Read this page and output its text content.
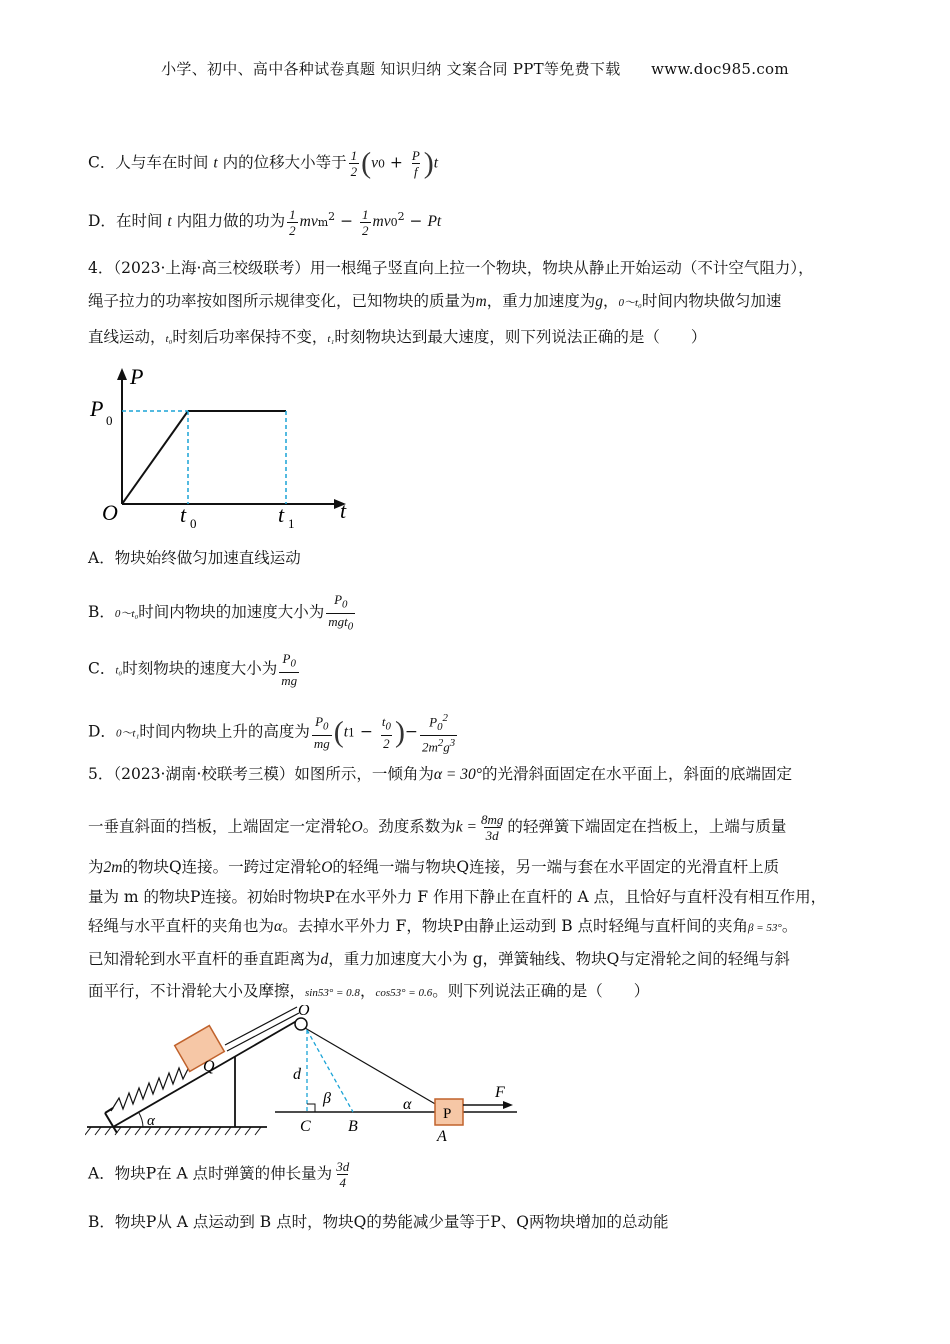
小学、初中、高中各种试卷真题 知识归纳 文案合同 PPT等免费下载　　www.doc985.com
C．人与车在时间 t 内的位移大小等于 $\frac{1}{2} (v0 + \frac{P}{f} )t$
D．在时间 t 内阻力做的功为 $\frac{1}{2} mvm^2 - \frac{1}{2} mv0^2 - Pt$
4．（2023·上海·高三校级联考）用一根绳子竖直向上拉一个物块，物块从静止开始运动（不计空气阻力），
绳子拉力的功率按如图所示规律变化，已知物块的质量为m，重力加速度为g，0～t₀时间内物块做匀加速
直线运动，t₀时刻后功率保持不变，t₁时刻物块达到最大速度，则下列说法正确的是（　　）
P
t
O
P 0
t 0	t 1
A．物块始终做匀加速直线运动
B．0～t₀时间内物块的加速度大小为 $\frac{P_0}{mgt_0}$
C．t₀时刻物块的速度大小为 $\frac{P_0}{mg}$
D．0～t₁时间内物块上升的高度为 $\frac{P_0}{mg} (t1 - \frac{t_0}{2}$ )− $\frac{P_0^2}{2m^2g^3}$
5．（2023·湖南·校联考三模）如图所示，一倾角为α = 30°的光滑斜面固定在水平面上，斜面的底端固定
一垂直斜面的挡板，上端固定一定滑轮O。劲度系数为$k = \frac{8mg}{3d}$ 的轻弹簧下端固定在挡板上，上端与质量
为2m的物块Q连接。一跨过定滑轮O的轻绳一端与物块Q连接，另一端与套在水平固定的光滑直杆上质
量为 m 的物块P连接。初始时物块P在水平外力 F 作用下静止在直杆的 A 点，且恰好与直杆没有相互作用，
轻绳与水平直杆的夹角也为α。去掉水平外力 F，物块P由静止运动到 B 点时轻绳与直杆间的夹角β = 53°。
已知滑轮到水平直杆的垂直距离为d，重力加速度大小为 g，弹簧轴线、物块Q与定滑轮之间的轻绳与斜
面平行，不计滑轮大小及摩擦，sin53° = 0.8，cos53° = 0.6。则下列说法正确的是（　　）
Q
O
d
β
C B
α
P
A
F
α
A．物块P在 A 点时弹簧的伸长量为 $\frac{3d}{4}$
B．物块P从 A 点运动到 B 点时，物块Q的势能减少量等于P、Q两物块增加的总动能
